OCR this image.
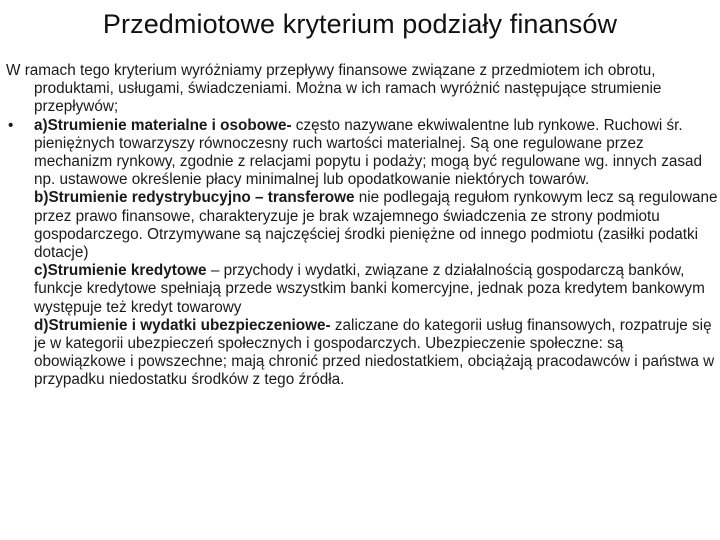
Przedmiotowe kryterium podziały finansów

W ramach tego kryterium wyróżniamy przepływy finansowe związane z przedmiotem ich obrotu, produktami, usługami, świadczeniami. Można w ich ramach wyróżnić następujące strumienie przepływów;

•	a)Strumienie materialne i osobowe- często nazywane ekwiwalentne lub rynkowe. Ruchowi śr. pieniężnych towarzyszy równoczesny ruch wartości materialnej. Są one regulowane przez mechanizm rynkowy, zgodnie z relacjami popytu i podaży; mogą być regulowane wg. innych zasad np. ustawowe określenie płacy minimalnej lub opodatkowanie niektórych towarów.

b)Strumienie redystrybucyjno – transferowe nie podlegają regułom rynkowym lecz są regulowane przez prawo finansowe, charakteryzuje je brak wzajemnego świadczenia ze strony podmiotu gospodarczego. Otrzymywane są najczęściej środki pieniężne od innego podmiotu (zasiłki podatki dotacje)

c)Strumienie kredytowe – przychody i wydatki, związane z działalnością gospodarczą banków, funkcje kredytowe spełniają przede wszystkim banki komercyjne, jednak poza kredytem bankowym występuje też kredyt towarowy

d)Strumienie i wydatki ubezpieczeniowe- zaliczane do kategorii usług finansowych, rozpatruje się je w kategorii ubezpieczeń społecznych i gospodarczych. Ubezpieczenie społeczne: są obowiązkowe i powszechne; mają chronić przed niedostatkiem, obciążają pracodawców i państwa w przypadku niedostatku środków z tego źródła.
